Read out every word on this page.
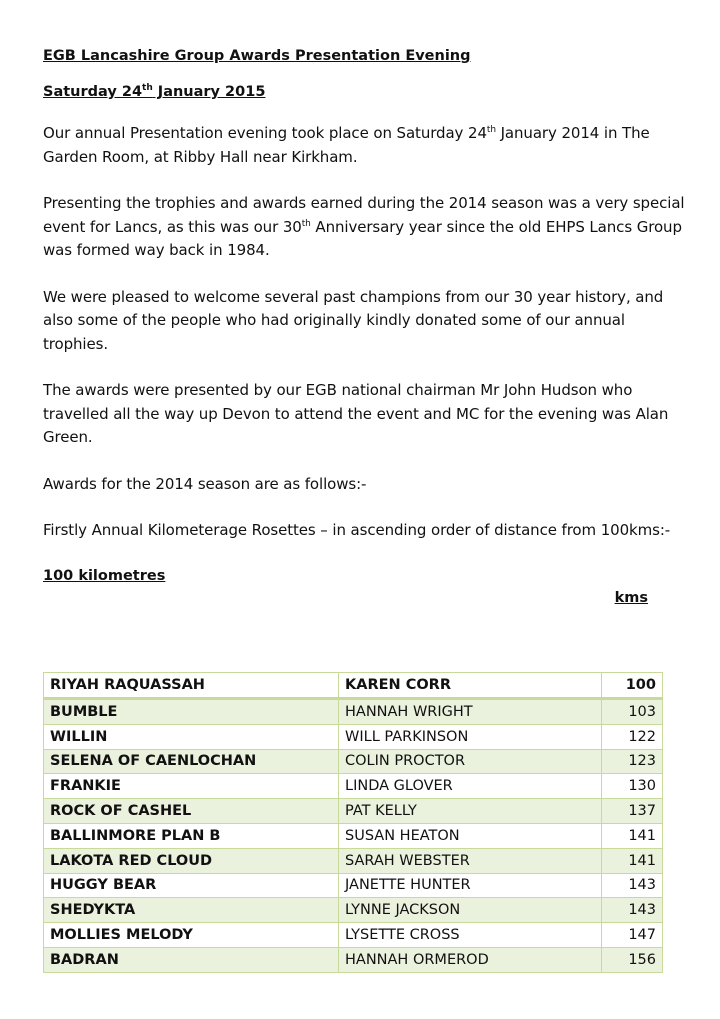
EGB Lancashire Group Awards Presentation Evening

Saturday 24th January 2015

Our annual Presentation evening took place on Saturday 24th January 2014 in The Garden Room, at Ribby Hall near Kirkham.

Presenting the trophies and awards earned during the 2014 season was a very special event for Lancs, as this was our 30th Anniversary year since the old EHPS Lancs Group was formed way back in 1984.

We were pleased to welcome several past champions from our 30 year history, and also some of the people who had originally kindly donated some of our annual trophies.

The awards were presented by our EGB national chairman Mr John Hudson who travelled all the way up Devon to attend the event and MC for the evening was Alan Green.

Awards for the 2014 season are as follows:-

Firstly Annual Kilometerage Rosettes – in ascending order of distance from 100kms:-

100 kilometres

kms

RIYAH RAQUASSAH	KAREN CORR	100
BUMBLE	HANNAH WRIGHT	103
WILLIN	WILL PARKINSON	122
SELENA OF CAENLOCHAN	COLIN PROCTOR	123
FRANKIE	LINDA GLOVER	130
ROCK OF CASHEL	PAT KELLY	137
BALLINMORE PLAN B	SUSAN HEATON	141
LAKOTA RED CLOUD	SARAH WEBSTER	141
HUGGY BEAR	JANETTE HUNTER	143
SHEDYKTA	LYNNE JACKSON	143
MOLLIES MELODY	LYSETTE CROSS	147
BADRAN	HANNAH ORMEROD	156
